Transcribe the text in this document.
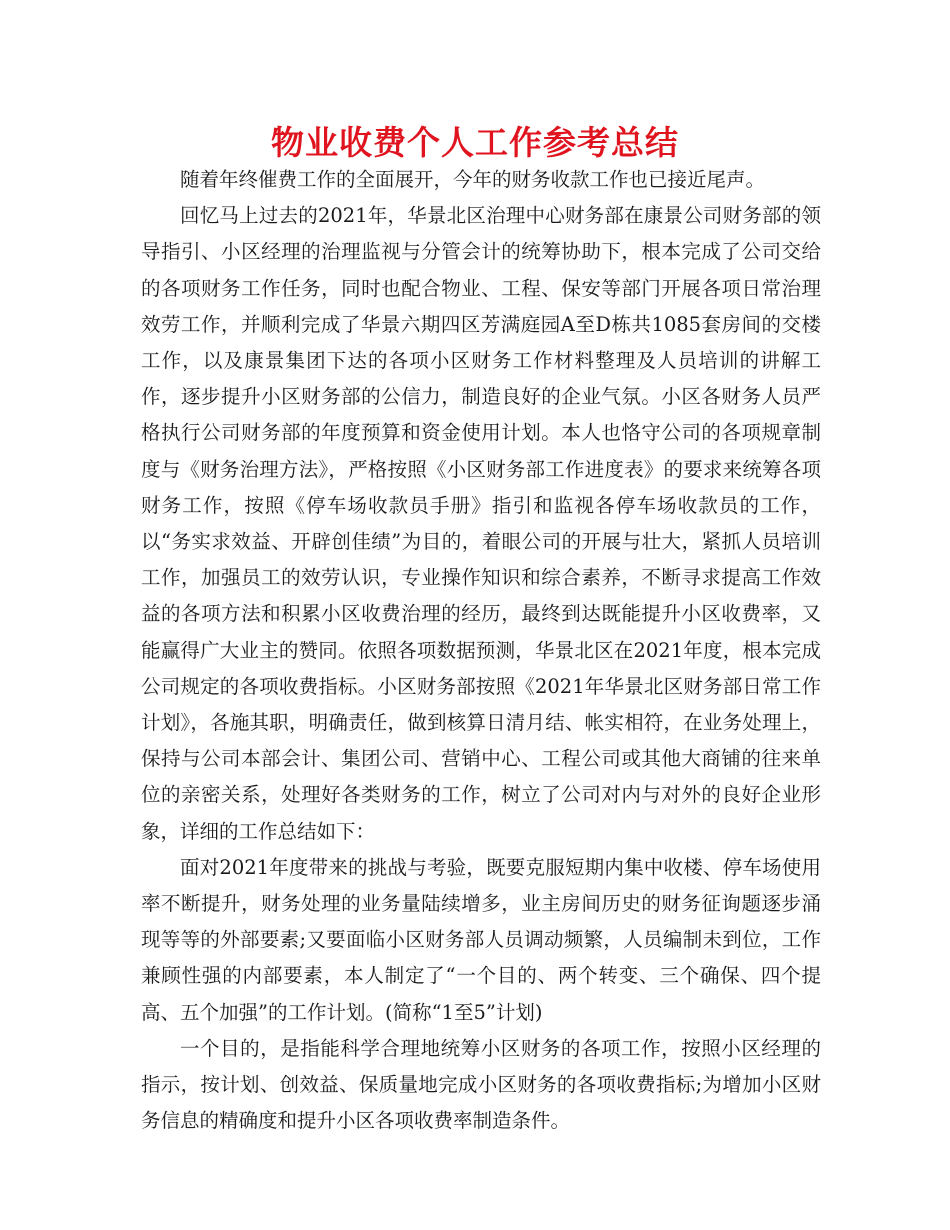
物业收费个人工作参考总结

随着年终催费工作的全面展开，今年的财务收款工作也已接近尾声。

回忆马上过去的2021年，华景北区治理中心财务部在康景公司财务部的领导指引、小区经理的治理监视与分管会计的统筹协助下，根本完成了公司交给的各项财务工作任务，同时也配合物业、工程、保安等部门开展各项日常治理效劳工作，并顺利完成了华景六期四区芳满庭园A至D栋共1085套房间的交楼工作，以及康景集团下达的各项小区财务工作材料整理及人员培训的讲解工作，逐步提升小区财务部的公信力，制造良好的企业气氛。小区各财务人员严格执行公司财务部的年度预算和资金使用计划。本人也恪守公司的各项规章制度与《财务治理方法》，严格按照《小区财务部工作进度表》的要求来统筹各项财务工作，按照《停车场收款员手册》指引和监视各停车场收款员的工作，以“务实求效益、开辟创佳绩”为目的，着眼公司的开展与壮大，紧抓人员培训工作，加强员工的效劳认识，专业操作知识和综合素养，不断寻求提高工作效益的各项方法和积累小区收费治理的经历，最终到达既能提升小区收费率，又能赢得广大业主的赞同。依照各项数据预测，华景北区在2021年度，根本完成公司规定的各项收费指标。小区财务部按照《2021年华景北区财务部日常工作计划》，各施其职，明确责任，做到核算日清月结、帐实相符，在业务处理上，保持与公司本部会计、集团公司、营销中心、工程公司或其他大商铺的往来单位的亲密关系，处理好各类财务的工作，树立了公司对内与对外的良好企业形象，详细的工作总结如下：

面对2021年度带来的挑战与考验，既要克服短期内集中收楼、停车场使用率不断提升，财务处理的业务量陆续增多，业主房间历史的财务征询题逐步涌现等等的外部要素;又要面临小区财务部人员调动频繁，人员编制未到位，工作兼顾性强的内部要素，本人制定了“一个目的、两个转变、三个确保、四个提高、五个加强”的工作计划。(简称“1至5”计划)

一个目的，是指能科学合理地统筹小区财务的各项工作，按照小区经理的指示，按计划、创效益、保质量地完成小区财务的各项收费指标;为增加小区财务信息的精确度和提升小区各项收费率制造条件。
